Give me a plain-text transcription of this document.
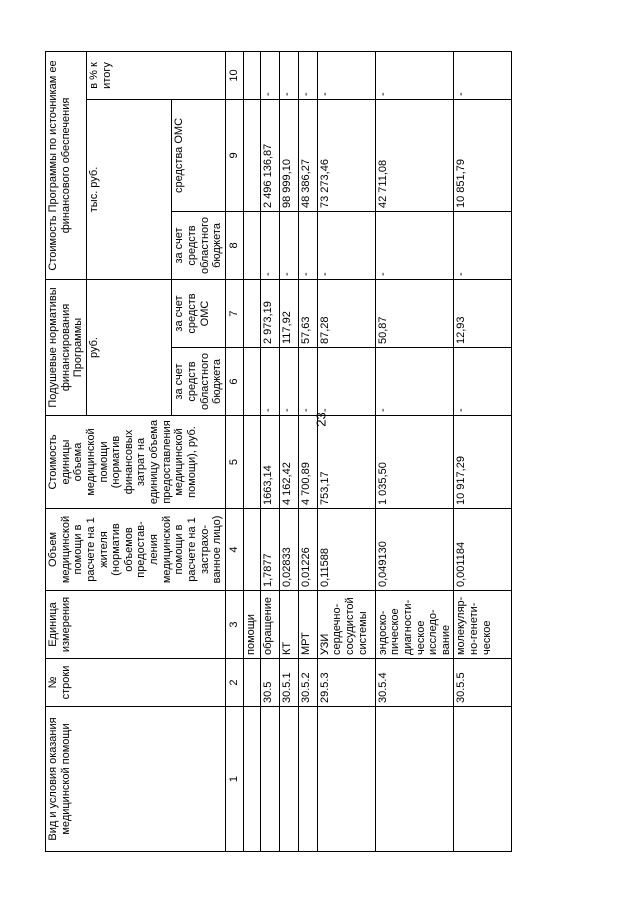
23
Вид и условия оказания медицинской помощи	№ строки	Единица измерения	Объем медицинской помощи в расчете на 1 жителя (норматив объемов предостав-ления медицинской помощи в расчете на 1 застрахо-ванное лицо)	Стоимость единицы объема медицинской помощи (норматив финансовых затрат на единицу объема предоставления медицинской помощи), руб.	Подушевые нормативы финансирования Программы		Стоимость Программы по источникам ее финансового обеспечения		
					руб.		тыс. руб.		в % к итогу
					за счет средств областного бюджета	за счет средств ОМС	за счет средств областного бюджета	средства ОМС	
1	2	3	4	5	6	7	8	9	10
		помощи							
	30.5	обращение	1,7877	1663,14	-	2 973,19	-	2 496 136,87	-
	30.5.1	КТ	0,02833	4 162,42	-	117,92	-	98 999,10	-
	30.5.2	МРТ	0,01226	4 700,89	-	57,63	-	48 386,27	-
	29.5.3	УЗИ сердечно-сосудистой системы	0,11588	753,17	-	87,28	-	73 273,46	-
	30.5.4	эндоско-пическое диагности-ческое исследо-вание	0,049130	1 035,50	-	50,87	-	42 711,08	-
	30.5.5	молекуляр-но-генети-ческое	0,001184	10 917,29	-	12,93	-	10 851,79	-
